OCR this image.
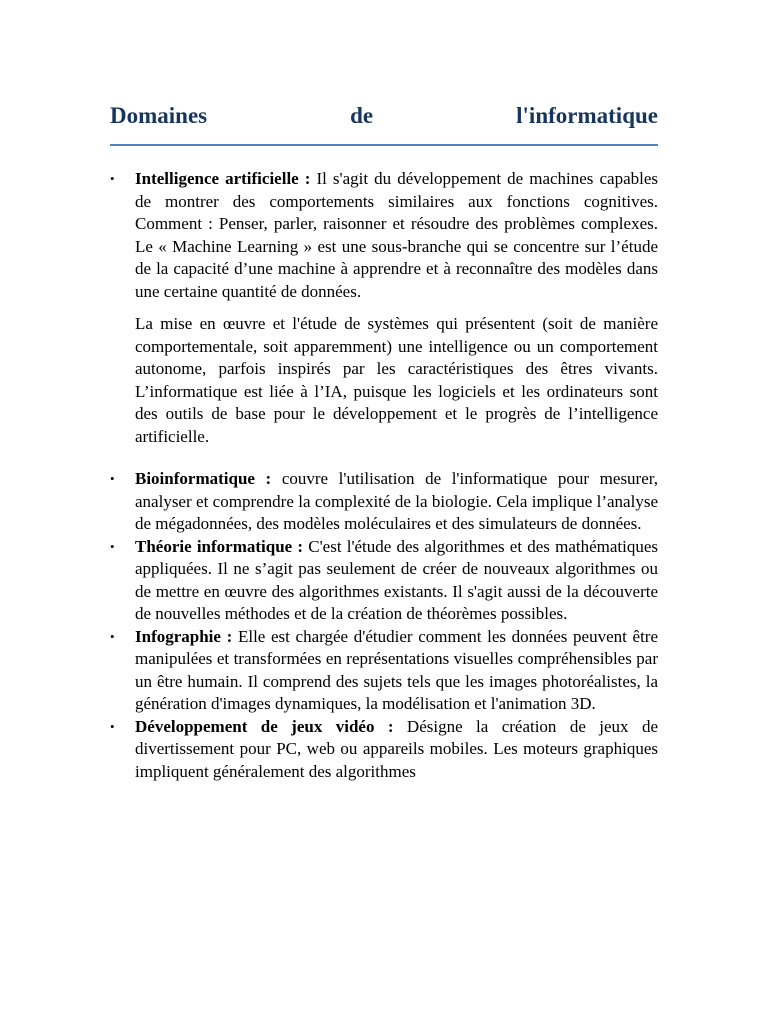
Domaines	de	l'informatique
•	Intelligence artificielle : Il s'agit du développement de machines capables de montrer des comportements similaires aux fonctions cognitives. Comment : Penser, parler, raisonner et résoudre des problèmes complexes. Le « Machine Learning » est une sous-branche qui se concentre sur l’étude de la capacité d’une machine à apprendre et à reconnaître des modèles dans une certaine quantité de données.

La mise en œuvre et l'étude de systèmes qui présentent (soit de manière comportementale, soit apparemment) une intelligence ou un comportement autonome, parfois inspirés par les caractéristiques des êtres vivants. L’informatique est liée à l’IA, puisque les logiciels et les ordinateurs sont des outils de base pour le développement et le progrès de l’intelligence artificielle.

•	Bioinformatique : couvre l'utilisation de l'informatique pour mesurer, analyser et comprendre la complexité de la biologie. Cela implique l’analyse de mégadonnées, des modèles moléculaires et des simulateurs de données.

•	Théorie informatique : C'est l'étude des algorithmes et des mathématiques appliquées. Il ne s’agit pas seulement de créer de nouveaux algorithmes ou de mettre en œuvre des algorithmes existants. Il s'agit aussi de la découverte de nouvelles méthodes et de la création de théorèmes possibles.

•	Infographie : Elle est chargée d'étudier comment les données peuvent être manipulées et transformées en représentations visuelles compréhensibles par un être humain. Il comprend des sujets tels que les images photoréalistes, la génération d'images dynamiques, la modélisation et l'animation 3D.

•	Développement de jeux vidéo : Désigne la création de jeux de divertissement pour PC, web ou appareils mobiles. Les moteurs graphiques impliquent généralement des algorithmes
